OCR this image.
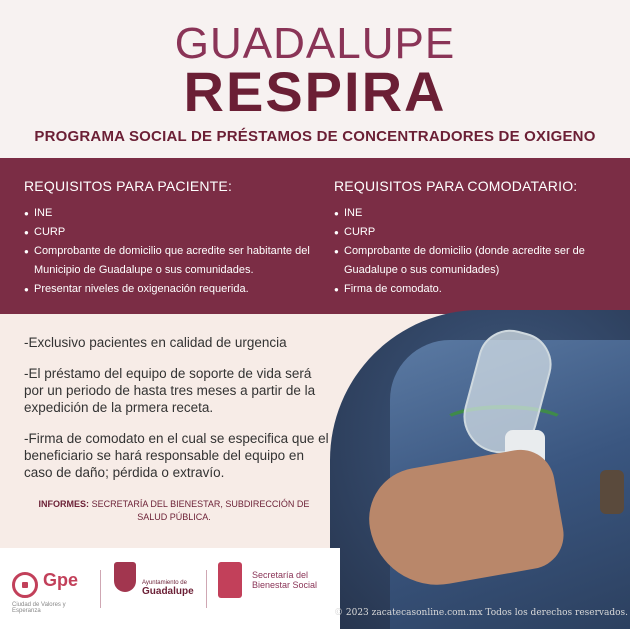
GUADALUPE
RESPIRA
PROGRAMA SOCIAL DE PRÉSTAMOS DE CONCENTRADORES DE OXIGENO
REQUISITOS PARA PACIENTE:
● INE
● CURP
● Comprobante de domicilio que acredite ser habitante del Municipio de Guadalupe o sus comunidades.
● Presentar niveles de oxigenación requerida.
REQUISITOS PARA COMODATARIO:
● INE
● CURP
● Comprobante de domicilio (donde acredite ser de Guadalupe o sus comunidades)
● Firma de comodato.

-Exclusivo pacientes en calidad de urgencia

-El préstamo del equipo de soporte de vida será por un periodo de hasta tres meses a partir de la expedición de la prmera receta.

-Firma de comodato en el cual se especifica que el beneficiario se hará responsable del equipo en caso de daño; pérdida o extravío.

INFORMES: SECRETARÍA DEL BIENESTAR, SUBDIRECCIÓN DE SALUD PÚBLICA.
Gpe
Ciudad de Valores y Esperanza
Ayuntamiento de
Guadalupe
Secretaría del Bienestar Social
© 2023 zacatecasonline.com.mx Todos los derechos reservados.
